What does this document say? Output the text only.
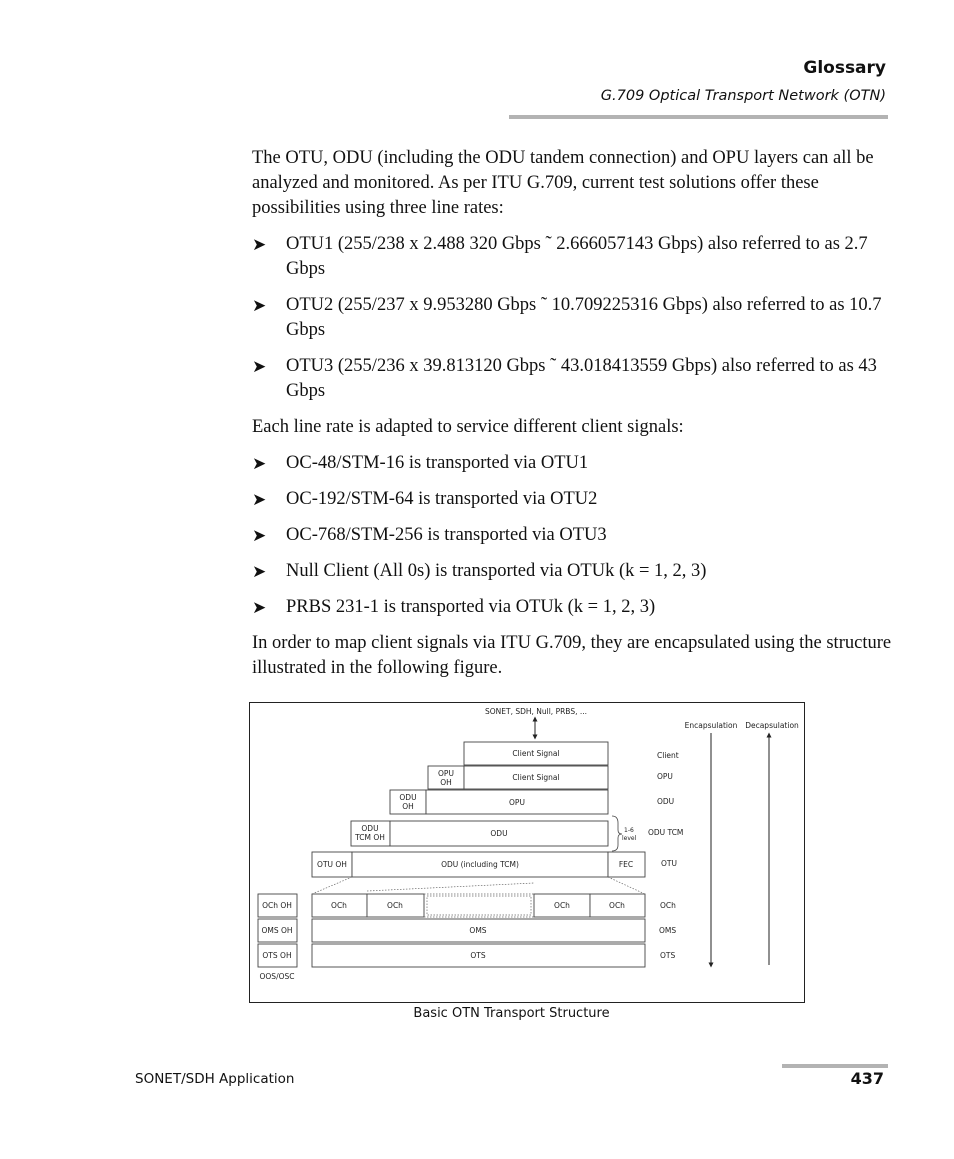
Glossary
G.709 Optical Transport Network (OTN)

The OTU, ODU (including the ODU tandem connection) and OPU layers can all be analyzed and monitored. As per ITU G.709, current test solutions offer these possibilities using three line rates:

➤ OTU1 (255/238 x 2.488 320 Gbps ˜ 2.666057143 Gbps) also referred to as 2.7 Gbps
➤ OTU2 (255/237 x 9.953280 Gbps ˜ 10.709225316 Gbps) also referred to as 10.7 Gbps
➤ OTU3 (255/236 x 39.813120 Gbps ˜ 43.018413559 Gbps) also referred to as 43 Gbps

Each line rate is adapted to service different client signals:

➤ OC-48/STM-16 is transported via OTU1
➤ OC-192/STM-64 is transported via OTU2
➤ OC-768/STM-256 is transported via OTU3
➤ Null Client (All 0s) is transported via OTUk (k = 1, 2, 3)
➤ PRBS 231-1 is transported via OTUk (k = 1, 2, 3)

In order to map client signals via ITU G.709, they are encapsulated using the structure illustrated in the following figure.

SONET, SDH, Null, PRBS, ...
Encapsulation Decapsulation
Client Signal
OPU
OH
Client Signal
ODU
OH	OPU
ODU
TCM OH	ODU	1-6
level
OTU OH	ODU (including TCM)	FEC
OCh	OCh	OCh	OCh
OMS
OTS
OCh OH
OMS OH
OTS OH
OOS/OSC
Client
OPU
ODU
ODU TCM
OTU
OCh
OMS
OTS
Basic OTN Transport Structure
SONET/SDH Application	437
